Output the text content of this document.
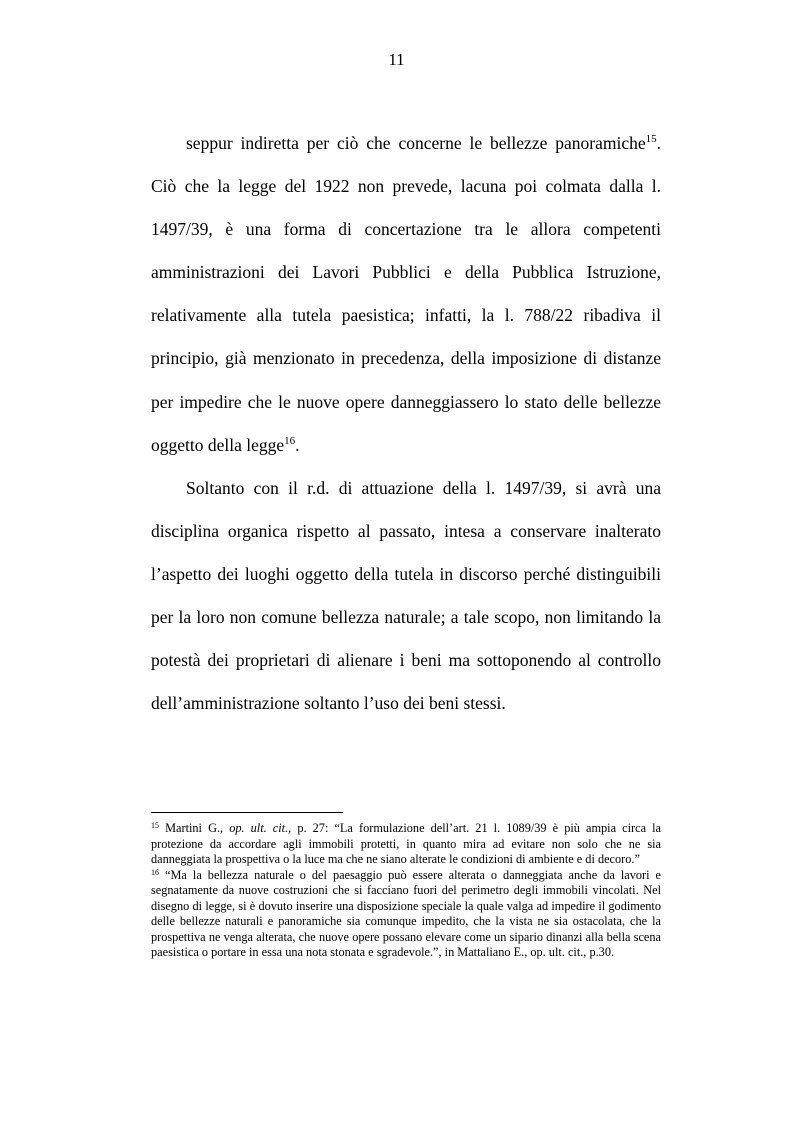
11

seppur indiretta per ciò che concerne le bellezze panoramiche$^{15}$. Ciò che la legge del 1922 non prevede, lacuna poi colmata dalla l. 1497/39, è una forma di concertazione tra le allora competenti amministrazioni dei Lavori Pubblici e della Pubblica Istruzione, relativamente alla tutela paesistica; infatti, la l. 788/22 ribadiva il principio, già menzionato in precedenza, della imposizione di distanze per impedire che le nuove opere danneggiassero lo stato delle bellezze oggetto della legge$^{16}$.

Soltanto con il r.d. di attuazione della l. 1497/39, si avrà una disciplina organica rispetto al passato, intesa a conservare inalterato l’aspetto dei luoghi oggetto della tutela in discorso perché distinguibili per la loro non comune bellezza naturale; a tale scopo, non limitando la potestà dei proprietari di alienare i beni ma sottoponendo al controllo dell’amministrazione soltanto l’uso dei beni stessi.

$^{15}$ Martini G., op. ult. cit., p. 27: “La formulazione dell’art. 21 l. 1089/39 è più ampia circa la protezione da accordare agli immobili protetti, in quanto mira ad evitare non solo che ne sia danneggiata la prospettiva o la luce ma che ne siano alterate le condizioni di ambiente e di decoro.”

$^{16}$ “Ma la bellezza naturale o del paesaggio può essere alterata o danneggiata anche da lavori e segnatamente da nuove costruzioni che si facciano fuori del perimetro degli immobili vincolati. Nel disegno di legge, si è dovuto inserire una disposizione speciale la quale valga ad impedire il godimento delle bellezze naturali e panoramiche sia comunque impedito, che la vista ne sia ostacolata, che la prospettiva ne venga alterata, che nuove opere possano elevare come un sipario dinanzi alla bella scena paesistica o portare in essa una nota stonata e sgradevole.”, in Mattaliano E., op. ult. cit., p.30.
